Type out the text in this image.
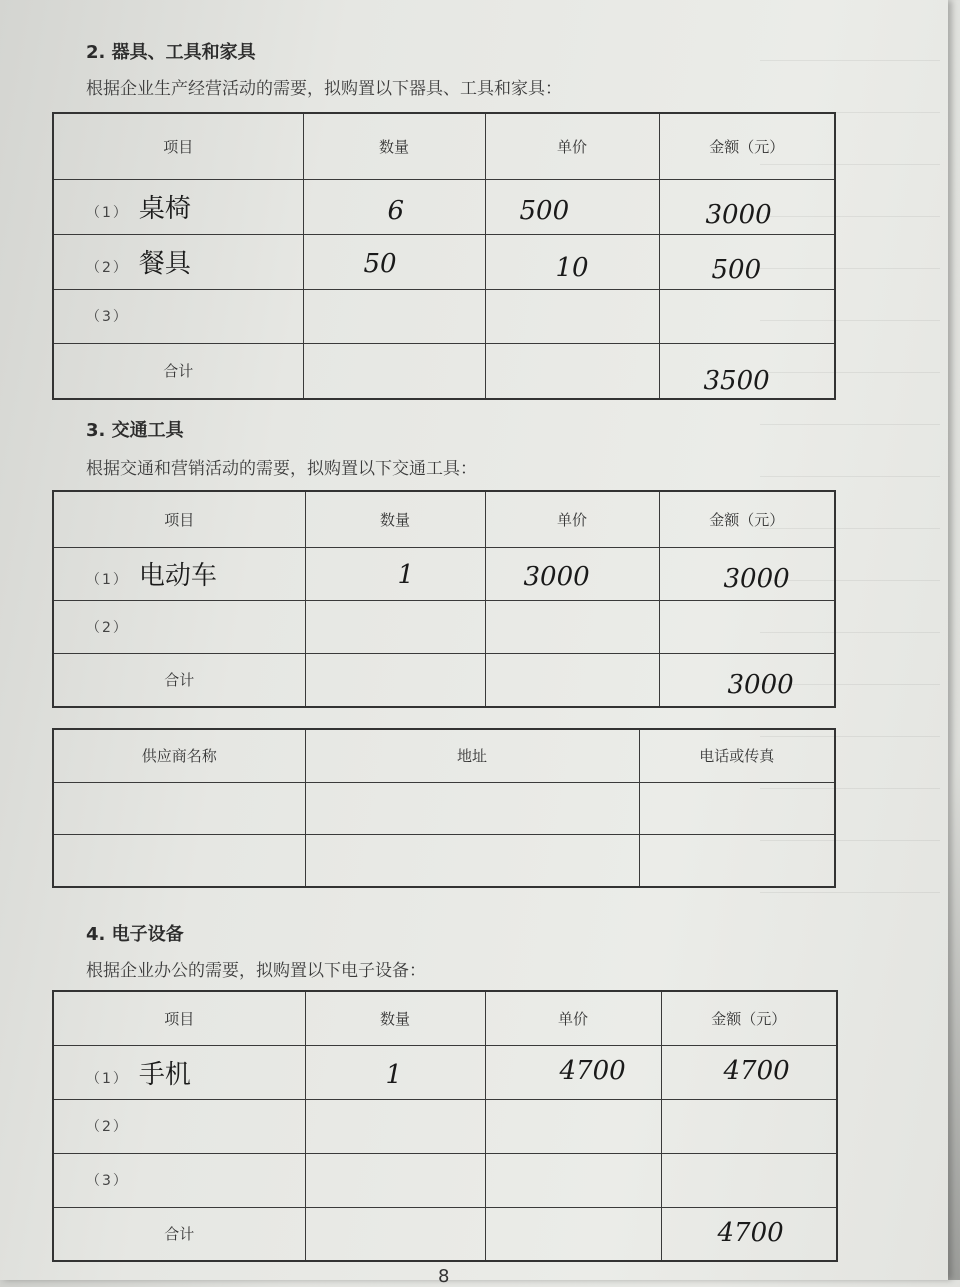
2. 器具、工具和家具
根据企业生产经营活动的需要，拟购置以下器具、工具和家具：
项目	数量	单价	金额（元）
（1） 桌椅	6	500	3000

（2） 餐具	50	10	500

（3）			
合计			3500
3. 交通工具
根据交通和营销活动的需要，拟购置以下交通工具：
项目	数量	单价	金额（元）
（1） 电动车	1	3000	3000

（2）			
合计			3000
供应商名称	地址	电话或传真

4. 电子设备
根据企业办公的需要，拟购置以下电子设备：
项目	数量	单价	金额（元）
（1） 手机	1	4700	4700

（2）			
（3）			
合计			4700
8
